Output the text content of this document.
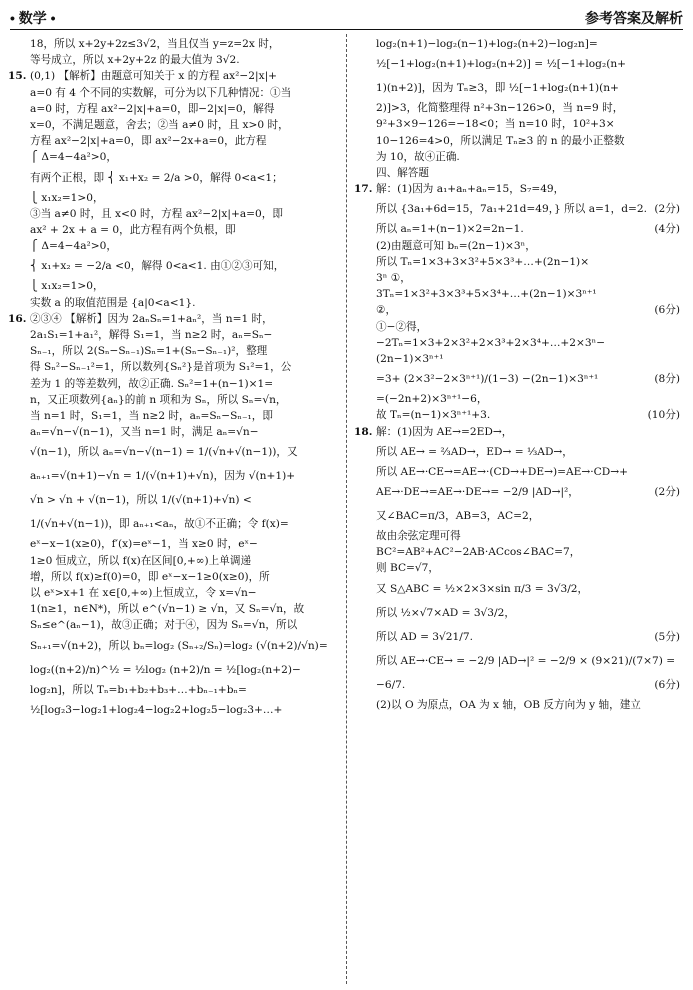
• 数学 •	参考答案及解析
18，所以 x+2y+2z≤3√2，当且仅当 y=z=2x 时，
等号成立，所以 x+2y+2z 的最大值为 3√2.
15. (0,1) 【解析】由题意可知关于 x 的方程 ax²−2|x|+
a=0 有 4 个不同的实数解，可分为以下几种情况：①当
a=0 时，方程 ax²−2|x|+a=0，即−2|x|=0，解得
x=0，不满足题意，舍去；②当 a≠0 时，且 x>0 时，
方程 ax²−2|x|+a=0，即 ax²−2x+a=0，此方程
⎧ Δ=4−4a²>0，
有两个正根，即 ⎨ x₁+x₂ = 2/a >0，解得 0<a<1；
⎩ x₁x₂=1>0，
③当 a≠0 时，且 x<0 时，方程 ax²−2|x|+a=0，即
ax² + 2x + a = 0，此方程有两个负根，即
⎧ Δ=4−4a²>0，
⎨ x₁+x₂ = −2/a <0，解得 0<a<1. 由①②③可知，
⎩ x₁x₂=1>0，
实数 a 的取值范围是 {a|0<a<1}.
16. ②③④ 【解析】因为 2aₙSₙ=1+aₙ²，当 n=1 时，
2a₁S₁=1+a₁²，解得 S₁=1，当 n≥2 时，aₙ=Sₙ−
Sₙ₋₁，所以 2(Sₙ−Sₙ₋₁)Sₙ=1+(Sₙ−Sₙ₋₁)²，整理
得 Sₙ²−Sₙ₋₁²=1，所以数列{Sₙ²}是首项为 S₁²=1，公
差为 1 的等差数列，故②正确. Sₙ²=1+(n−1)×1=
n，又正项数列{aₙ}的前 n 项和为 Sₙ，所以 Sₙ=√n，
当 n=1 时，S₁=1，当 n≥2 时，aₙ=Sₙ−Sₙ₋₁，即
aₙ=√n−√(n−1)，又当 n=1 时，满足 aₙ=√n−
√(n−1)，所以 aₙ=√n−√(n−1) = 1/(√n+√(n−1))，又
aₙ₊₁=√(n+1)−√n = 1/(√(n+1)+√n)，因为 √(n+1)+
√n > √n + √(n−1)，所以 1/(√(n+1)+√n) <
1/(√n+√(n−1))，即 aₙ₊₁<aₙ，故①不正确；令 f(x)=
eˣ−x−1(x≥0)，f′(x)=eˣ−1，当 x≥0 时，eˣ−
1≥0 恒成立，所以 f(x)在区间[0,+∞)上单调递
增，所以 f(x)≥f(0)=0，即 eˣ−x−1≥0(x≥0)，所
以 eˣ>x+1 在 x∈[0,+∞)上恒成立，令 x=√n−
1(n≥1，n∈N*)，所以 e^(√n−1) ≥ √n，又 Sₙ=√n，故
Sₙ≤e^(aₙ−1)，故③正确；对于④，因为 Sₙ=√n，所以
Sₙ₊₁=√(n+2)，所以 bₙ=log₂ (Sₙ₊₂/Sₙ)=log₂ (√(n+2)/√n)=
log₂((n+2)/n)^½ = ½log₂ (n+2)/n = ½[log₂(n+2)−
log₂n]，所以 Tₙ=b₁+b₂+b₃+…+bₙ₋₁+bₙ=
½[log₂3−log₂1+log₂4−log₂2+log₂5−log₂3+…+
log₂(n+1)−log₂(n−1)+log₂(n+2)−log₂n]=
½[−1+log₂(n+1)+log₂(n+2)] = ½[−1+log₂(n+
1)(n+2)]，因为 Tₙ≥3，即 ½[−1+log₂(n+1)(n+
2)]>3，化简整理得 n²+3n−126>0，当 n=9 时，
9²+3×9−126=−18<0；当 n=10 时，10²+3×
10−126=4>0，所以满足 Tₙ≥3 的 n 的最小正整数
为 10，故④正确.
四、解答题
17. 解：(1)因为 a₁+aₙ+aₙ=15，S₇=49，
所以 {3a₁+6d=15，7a₁+21d=49，} 所以 a=1，d=2. (2分)
所以 aₙ=1+(n−1)×2=2n−1.	(4分)
(2)由题意可知 bₙ=(2n−1)×3ⁿ，
所以 Tₙ=1×3+3×3²+5×3³+…+(2n−1)×
3ⁿ ①，
3Tₙ=1×3²+3×3³+5×3⁴+…+(2n−1)×3ⁿ⁺¹
②，	(6分)
①−②得，
−2Tₙ=1×3+2×3²+2×3³+2×3⁴+…+2×3ⁿ−
(2n−1)×3ⁿ⁺¹
=3+ (2×3²−2×3ⁿ⁺¹)/(1−3) −(2n−1)×3ⁿ⁺¹	(8分)
=(−2n+2)×3ⁿ⁺¹−6，
故 Tₙ=(n−1)×3ⁿ⁺¹+3.	(10分)
18. 解：(1)因为 AE→=2ED→，
所以 AE→ = ⅔AD→，ED→ = ⅓AD→，
所以 AE→·CE→=AE→·(CD→+DE→)=AE→·CD→+
AE→·DE→=AE→·DE→= −2/9 |AD→|²，	(2分)
又∠BAC=π/3，AB=3，AC=2，
故由余弦定理可得
BC²=AB²+AC²−2AB·ACcos∠BAC=7，
则 BC=√7，
又 S△ABC = ½×2×3×sin π/3 = 3√3/2，
所以 ½×√7×AD = 3√3/2，
所以 AD = 3√21/7.	(5分)
所以 AE→·CE→ = −2/9 |AD→|² = −2/9 × (9×21)/(7×7) =
−6/7.	(6分)
(2)以 O 为原点，OA 为 x 轴，OB 反方向为 y 轴，建立
